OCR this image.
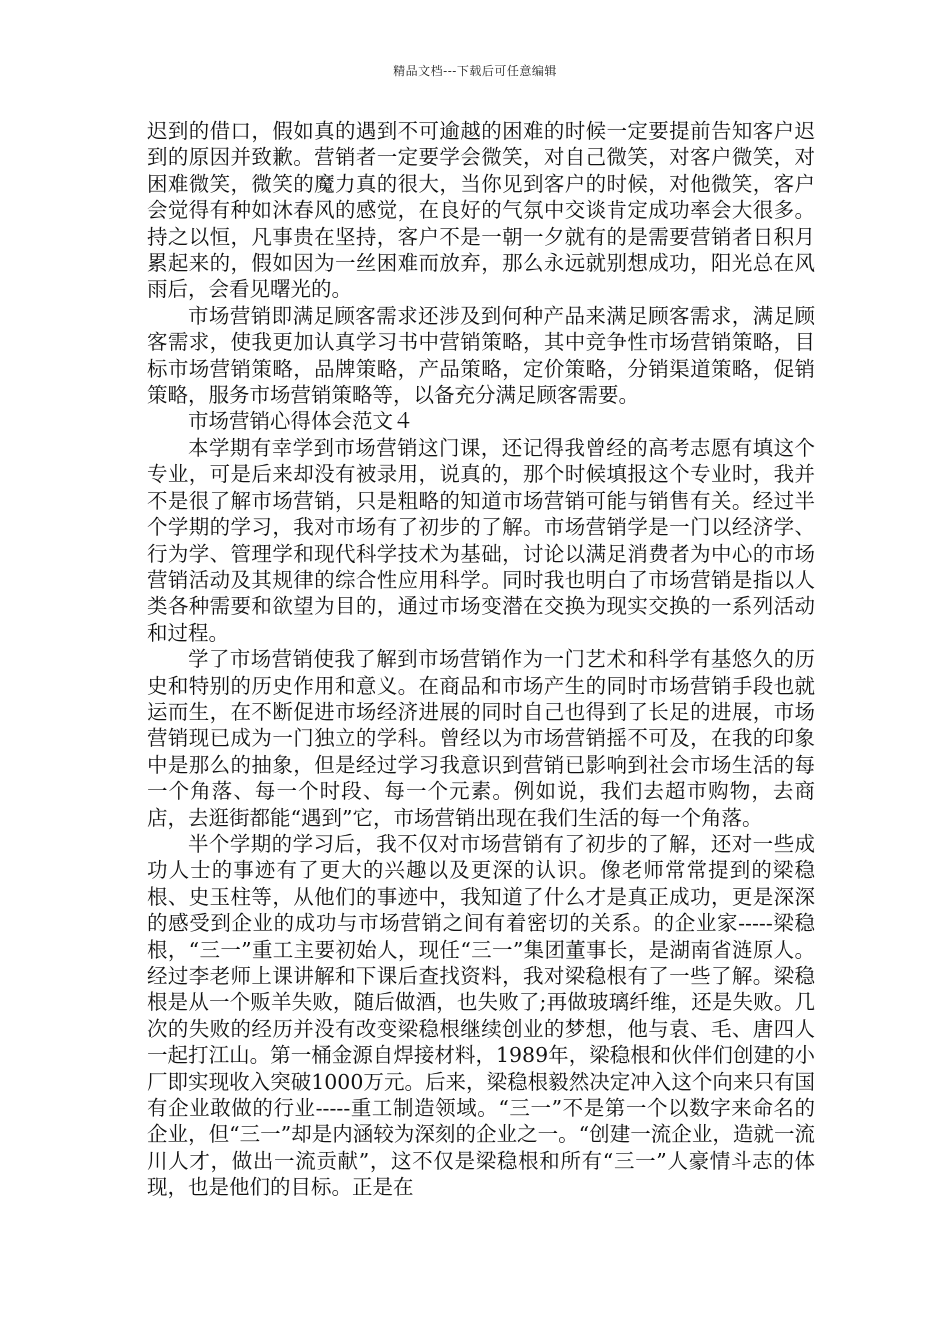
精品文档---下载后可任意编辑

迟到的借口，假如真的遇到不可逾越的困难的时候一定要提前告知客户迟到的原因并致歉。营销者一定要学会微笑，对自己微笑，对客户微笑，对困难微笑，微笑的魔力真的很大，当你见到客户的时候，对他微笑，客户会觉得有种如沐春风的感觉，在良好的气氛中交谈肯定成功率会大很多。持之以恒，凡事贵在坚持，客户不是一朝一夕就有的是需要营销者日积月累起来的，假如因为一丝困难而放弃，那么永远就别想成功，阳光总在风雨后，会看见曙光的。

市场营销即满足顾客需求还涉及到何种产品来满足顾客需求，满足顾客需求，使我更加认真学习书中营销策略，其中竞争性市场营销策略，目标市场营销策略，品牌策略，产品策略，定价策略，分销渠道策略，促销策略，服务市场营销策略等，以备充分满足顾客需要。

市场营销心得体会范文４

本学期有幸学到市场营销这门课，还记得我曾经的高考志愿有填这个专业，可是后来却没有被录用，说真的，那个时候填报这个专业时，我并不是很了解市场营销，只是粗略的知道市场营销可能与销售有关。经过半个学期的学习，我对市场有了初步的了解。市场营销学是一门以经济学、行为学、管理学和现代科学技术为基础，讨论以满足消费者为中心的市场营销活动及其规律的综合性应用科学。同时我也明白了市场营销是指以人类各种需要和欲望为目的，通过市场变潜在交换为现实交换的一系列活动和过程。

学了市场营销使我了解到市场营销作为一门艺术和科学有基悠久的历史和特别的历史作用和意义。在商品和市场产生的同时市场营销手段也就运而生，在不断促进市场经济进展的同时自己也得到了长足的进展，市场营销现已成为一门独立的学科。曾经以为市场营销摇不可及，在我的印象中是那么的抽象，但是经过学习我意识到营销已影响到社会市场生活的每一个角落、每一个时段、每一个元素。例如说，我们去超市购物，去商店，去逛街都能“遇到”它，市场营销出现在我们生活的每一个角落。

半个学期的学习后，我不仅对市场营销有了初步的了解，还对一些成功人士的事迹有了更大的兴趣以及更深的认识。像老师常常提到的梁稳根、史玉柱等，从他们的事迹中，我知道了什么才是真正成功，更是深深的感受到企业的成功与市场营销之间有着密切的关系。的企业家-----梁稳根，“三一”重工主要初始人，现任“三一”集团董事长，是湖南省涟原人。经过李老师上课讲解和下课后查找资料，我对梁稳根有了一些了解。梁稳根是从一个贩羊失败，随后做酒，也失败了;再做玻璃纤维，还是失败。几次的失败的经历并没有改变梁稳根继续创业的梦想，他与袁、毛、唐四人一起打江山。第一桶金源自焊接材料，1989年，梁稳根和伙伴们创建的小厂即实现收入突破1000万元。后来，梁稳根毅然决定冲入这个向来只有国有企业敢做的行业-----重工制造领域。“三一”不是第一个以数字来命名的企业，但“三一”却是内涵较为深刻的企业之一。“创建一流企业，造就一流川人才，做出一流贡献”，这不仅是梁稳根和所有“三一”人豪情斗志的体现，也是他们的目标。正是在
